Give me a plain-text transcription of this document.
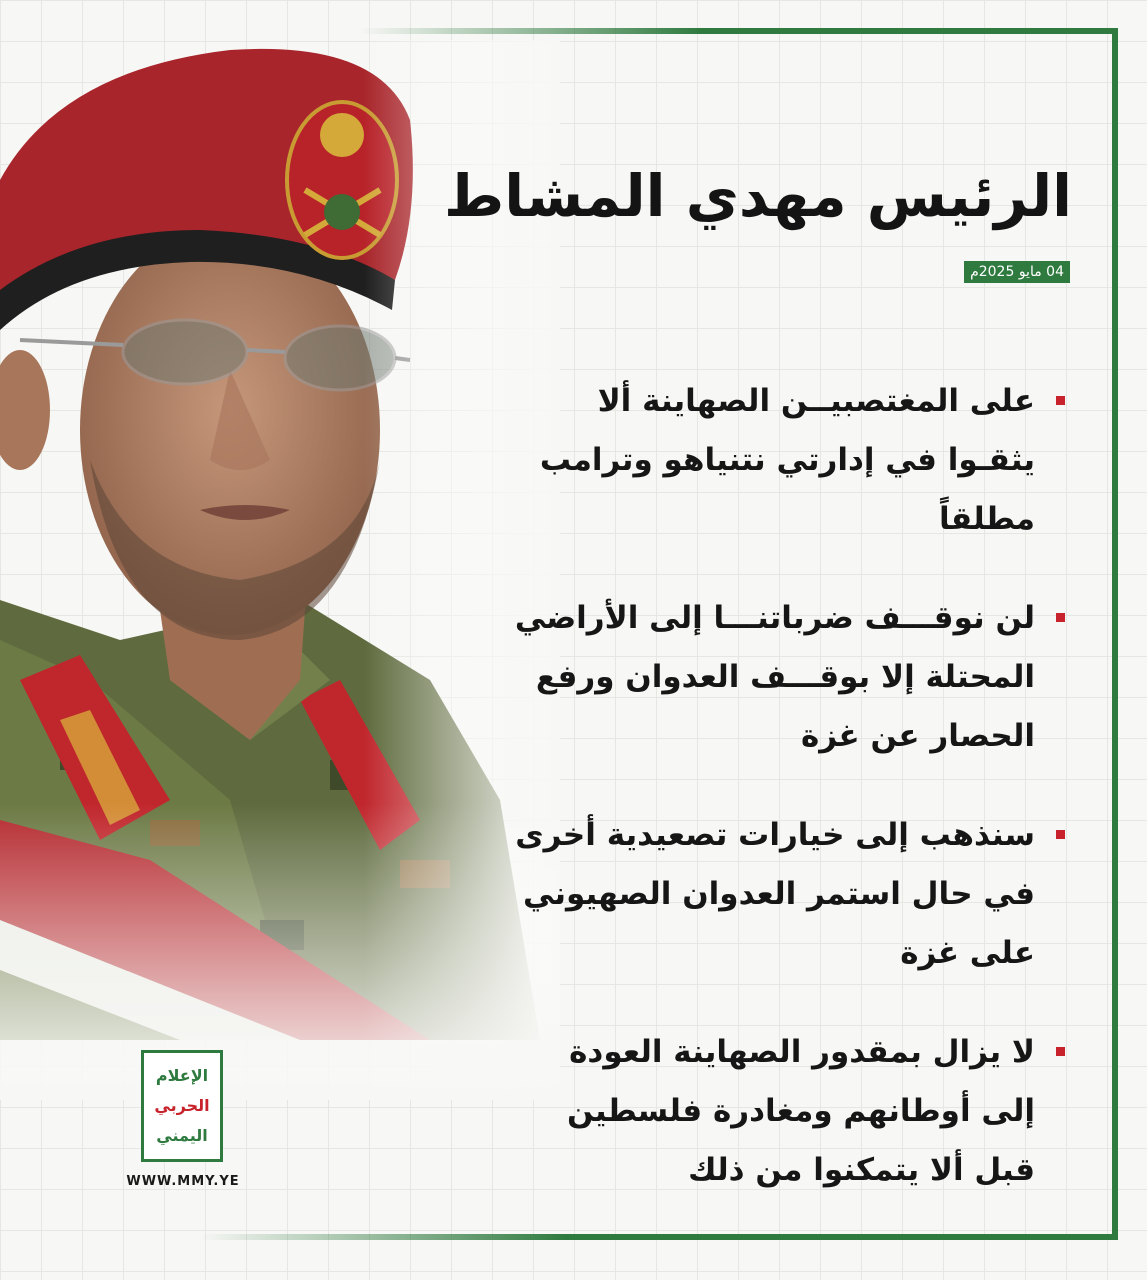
الرئيس مهدي المشاط
04 مايو 2025م
على المغتصبيــن الصهاينة ألا يثقـوا في إدارتي نتنياهو وترامب مطلقاً
لن نوقـــف ضرباتنـــا إلى الأراضي المحتلة إلا بوقـــف العدوان ورفع الحصار عن غزة
سنذهب إلى خيارات تصعيدية أخرى في حال استمر العدوان الصهيوني على غزة
لا يزال بمقدور الصهاينة العودة إلى أوطانهم ومغادرة فلسطين قبل ألا يتمكنوا من ذلك
الإعلام
الحربي
اليمني
WWW.MMY.YE
